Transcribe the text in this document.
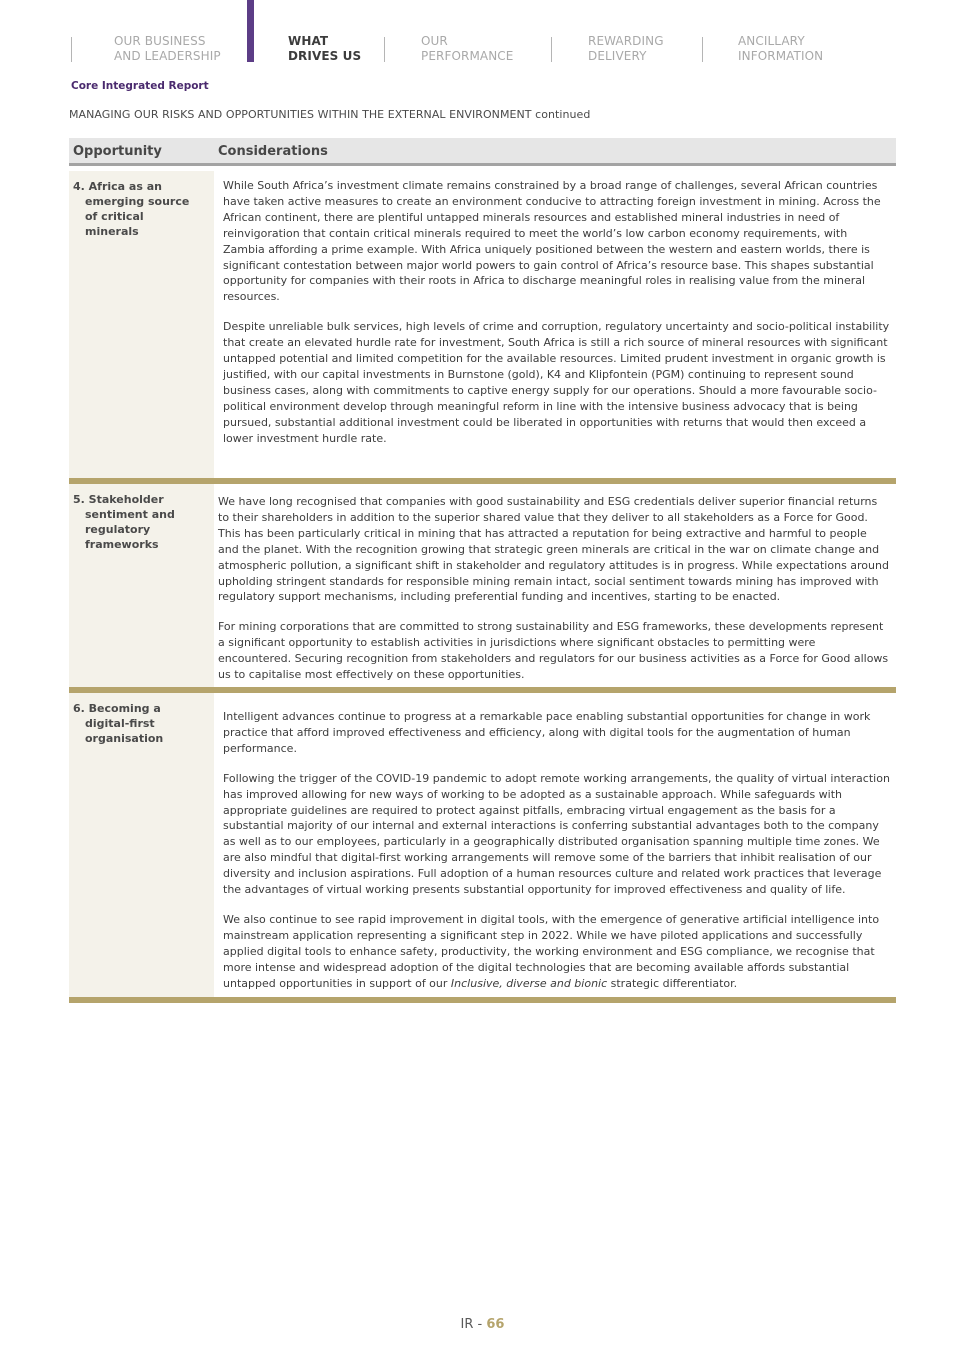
OUR BUSINESS
AND LEADERSHIP
WHAT
DRIVES US
OUR
PERFORMANCE
REWARDING
DELIVERY
ANCILLARY
INFORMATION
Core Integrated Report
MANAGING OUR RISKS AND OPPORTUNITIES WITHIN THE EXTERNAL ENVIRONMENT continued
Opportunity	Considerations
4. Africa as an emerging source of critical minerals

While South Africa’s investment climate remains constrained by a broad range of challenges, several African countries have taken active measures to create an environment conducive to attracting foreign investment in mining. Across the African continent, there are plentiful untapped minerals resources and established mineral industries in need of reinvigoration that contain critical minerals required to meet the world’s low carbon economy requirements, with Zambia affording a prime example. With Africa uniquely positioned between the western and eastern worlds, there is significant contestation between major world powers to gain control of Africa’s resource base. This shapes substantial opportunity for companies with their roots in Africa to discharge meaningful roles in realising value from the mineral resources.

Despite unreliable bulk services, high levels of crime and corruption, regulatory uncertainty and socio-political instability that create an elevated hurdle rate for investment, South Africa is still a rich source of mineral resources with significant untapped potential and limited competition for the available resources. Limited prudent investment in organic growth is justified, with our capital investments in Burnstone (gold), K4 and Klipfontein (PGM) continuing to represent sound business cases, along with commitments to captive energy supply for our operations. Should a more favourable socio-political environment develop through meaningful reform in line with the intensive business advocacy that is being pursued, substantial additional investment could be liberated in opportunities with returns that would then exceed a lower investment hurdle rate.

5. Stakeholder sentiment and regulatory frameworks

We have long recognised that companies with good sustainability and ESG credentials deliver superior financial returns to their shareholders in addition to the superior shared value that they deliver to all stakeholders as a Force for Good. This has been particularly critical in mining that has attracted a reputation for being extractive and harmful to people and the planet. With the recognition growing that strategic green minerals are critical in the war on climate change and atmospheric pollution, a significant shift in stakeholder and regulatory attitudes is in progress. While expectations around upholding stringent standards for responsible mining remain intact, social sentiment towards mining has improved with regulatory support mechanisms, including preferential funding and incentives, starting to be enacted.

For mining corporations that are committed to strong sustainability and ESG frameworks, these developments represent a significant opportunity to establish activities in jurisdictions where significant obstacles to permitting were encountered. Securing recognition from stakeholders and regulators for our business activities as a Force for Good allows us to capitalise most effectively on these opportunities.

6. Becoming a digital-first organisation

Intelligent advances continue to progress at a remarkable pace enabling substantial opportunities for change in work practice that afford improved effectiveness and efficiency, along with digital tools for the augmentation of human performance.

Following the trigger of the COVID-19 pandemic to adopt remote working arrangements, the quality of virtual interaction has improved allowing for new ways of working to be adopted as a sustainable approach. While safeguards with appropriate guidelines are required to protect against pitfalls, embracing virtual engagement as the basis for a substantial majority of our internal and external interactions is conferring substantial advantages both to the company as well as to our employees, particularly in a geographically distributed organisation spanning multiple time zones. We are also mindful that digital-first working arrangements will remove some of the barriers that inhibit realisation of our diversity and inclusion aspirations. Full adoption of a human resources culture and related work practices that leverage the advantages of virtual working presents substantial opportunity for improved effectiveness and quality of life.

We also continue to see rapid improvement in digital tools, with the emergence of generative artificial intelligence into mainstream application representing a significant step in 2022. While we have piloted applications and successfully applied digital tools to enhance safety, productivity, the working environment and ESG compliance, we recognise that more intense and widespread adoption of the digital technologies that are becoming available affords substantial untapped opportunities in support of our Inclusive, diverse and bionic strategic differentiator.

IR - 66
